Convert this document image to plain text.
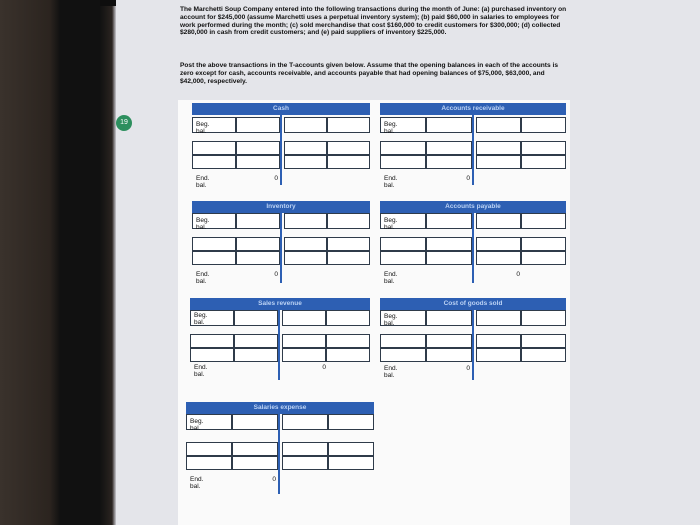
19
The Marchetti Soup Company entered into the following transactions during the month of June: (a) purchased inventory on account for $245,000 (assume Marchetti uses a perpetual inventory system); (b) paid $60,000 in salaries to employees for work performed during the month; (c) sold merchandise that cost $160,000 to credit customers for $300,000; (d) collected $280,000 in cash from credit customers; and (e) paid suppliers of inventory $225,000.
Post the above transactions in the T-accounts given below. Assume that the opening balances in each of the accounts is zero except for cash, accounts receivable, and accounts payable that had opening balances of $75,000, $63,000, and $42,000, respectively.
Cash
Beg. bal.
End. bal.
0
Accounts receivable
Beg. bal.
End. bal.
0
Inventory
Beg. bal.
End. bal.
0
Accounts payable
Beg. bal.
End. bal.
0
Sales revenue
Beg. bal.
End. bal.
0
Cost of goods sold
Beg. bal.
End. bal.
0
Salaries expense
Beg. bal.
End. bal.
0
